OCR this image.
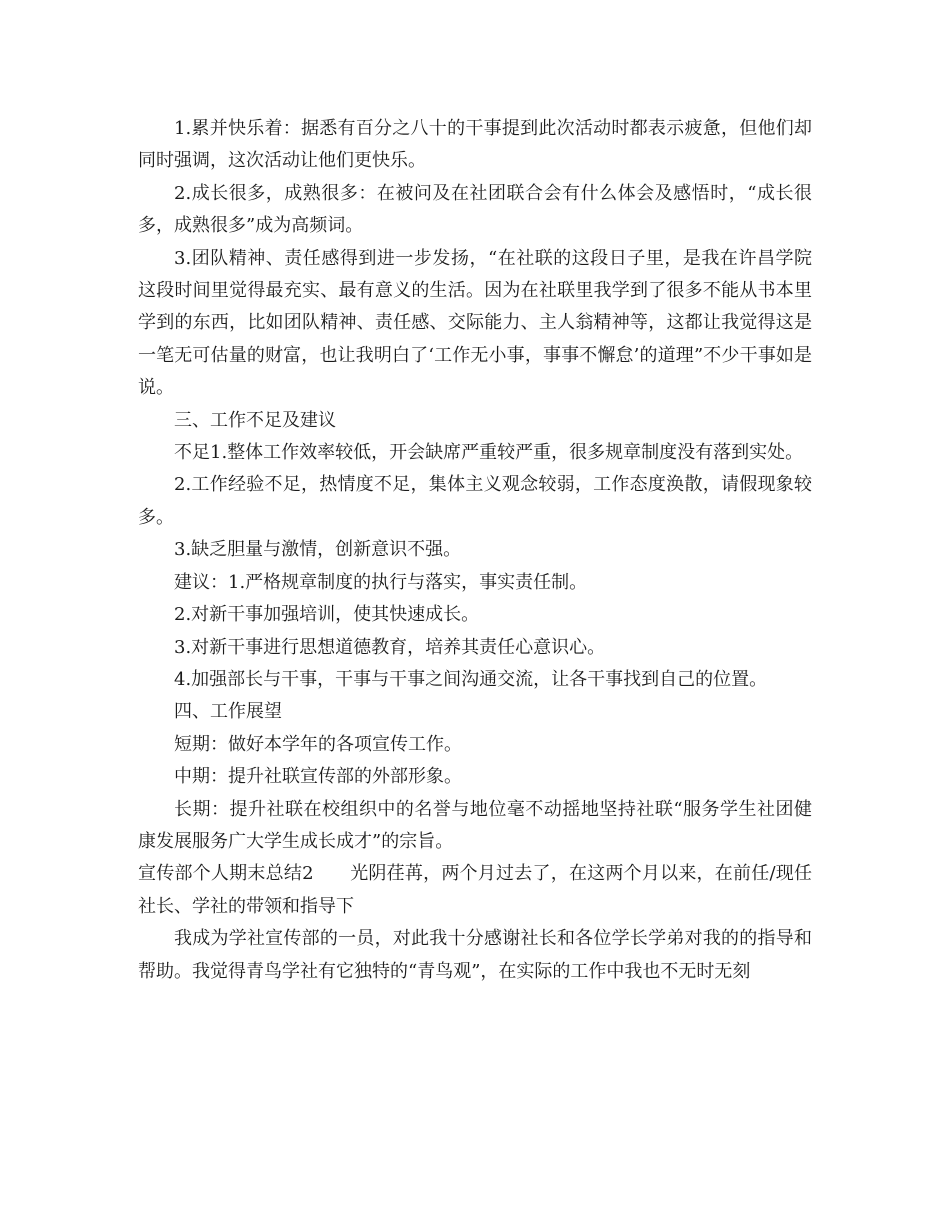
1.累并快乐着：据悉有百分之八十的干事提到此次活动时都表示疲惫，但他们却同时强调，这次活动让他们更快乐。

2.成长很多，成熟很多：在被问及在社团联合会有什么体会及感悟时，“成长很多，成熟很多”成为高频词。

3.团队精神、责任感得到进一步发扬，“在社联的这段日子里，是我在许昌学院这段时间里觉得最充实、最有意义的生活。因为在社联里我学到了很多不能从书本里学到的东西，比如团队精神、责任感、交际能力、主人翁精神等，这都让我觉得这是一笔无可估量的财富，也让我明白了‘工作无小事，事事不懈怠’的道理”不少干事如是说。

三、工作不足及建议

不足1.整体工作效率较低，开会缺席严重较严重，很多规章制度没有落到实处。

2.工作经验不足，热情度不足，集体主义观念较弱，工作态度涣散，请假现象较多。

3.缺乏胆量与激情，创新意识不强。

建议：1.严格规章制度的执行与落实，事实责任制。

2.对新干事加强培训，使其快速成长。

3.对新干事进行思想道德教育，培养其责任心意识心。

4.加强部长与干事，干事与干事之间沟通交流，让各干事找到自己的位置。

四、工作展望

短期：做好本学年的各项宣传工作。

中期：提升社联宣传部的外部形象。

长期：提升社联在校组织中的名誉与地位毫不动摇地坚持社联“服务学生社团健康发展服务广大学生成长成才”的宗旨。

宣传部个人期末总结2　　光阴荏苒，两个月过去了，在这两个月以来，在前任/现任社长、学社的带领和指导下

我成为学社宣传部的一员，对此我十分感谢社长和各位学长学弟对我的的指导和帮助。我觉得青鸟学社有它独特的“青鸟观”，在实际的工作中我也不无时无刻
